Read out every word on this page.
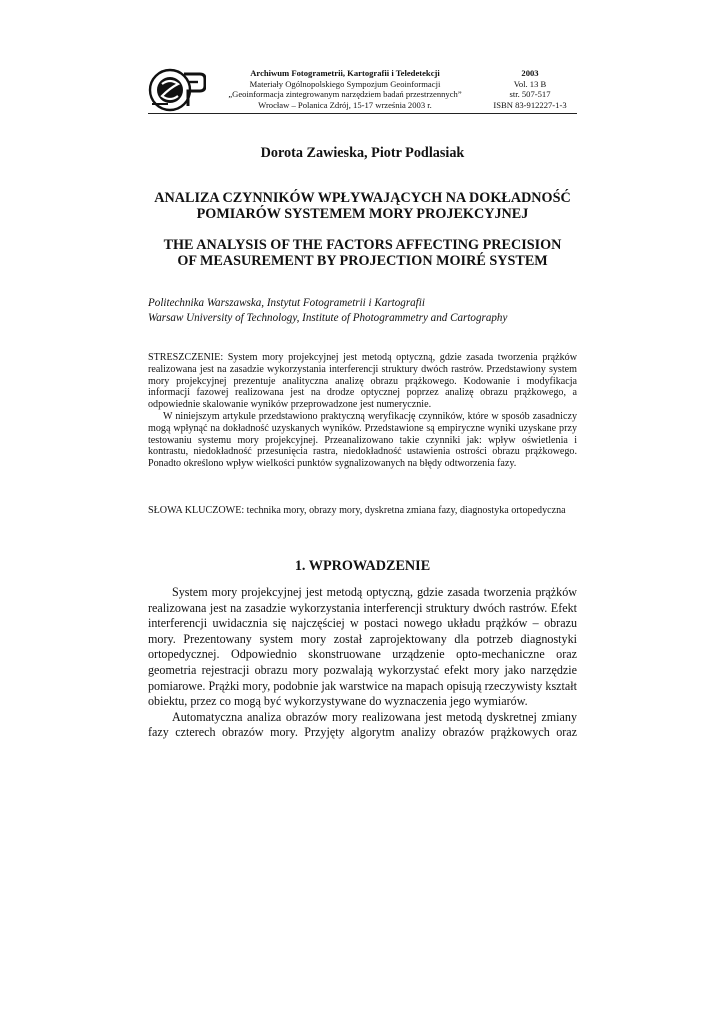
Archiwum Fotogrametrii, Kartografii i Teledetekcji
Materiały Ogólnopolskiego Sympozjum Geoinformacji
„Geoinformacja zintegrowanym narzędziem badań przestrzennych”
Wrocław – Polanica Zdrój, 15-17 września 2003 r.
2003
Vol. 13 B
str. 507-517
ISBN 83-912227-1-3
Dorota Zawieska, Piotr Podlasiak
ANALIZA CZYNNIKÓW WPŁYWAJĄCYCH NA DOKŁADNOŚĆ
POMIARÓW SYSTEMEM MORY PROJEKCYJNEJ
THE ANALYSIS OF THE FACTORS AFFECTING PRECISION
OF MEASUREMENT BY PROJECTION MOIRÉ SYSTEM
Politechnika Warszawska, Instytut Fotogrametrii i Kartografii
Warsaw University of Technology, Institute of Photogrammetry and Cartography

STRESZCZENIE: System mory projekcyjnej jest metodą optyczną, gdzie zasada tworzenia prążków realizowana jest na zasadzie wykorzystania interferencji struktury dwóch rastrów. Przedstawiony system mory projekcyjnej prezentuje analityczna analizę obrazu prążkowego. Kodowanie i modyfikacja informacji fazowej realizowana jest na drodze optycznej poprzez analizę obrazu prążkowego, a odpowiednie skalowanie wyników przeprowadzone jest numerycznie.

W niniejszym artykule przedstawiono praktyczną weryfikację czynników, które w sposób zasadniczy mogą wpłynąć na dokładność uzyskanych wyników. Przedstawione są empiryczne wyniki uzyskane przy testowaniu systemu mory projekcyjnej. Przeanalizowano takie czynniki jak: wpływ oświetlenia i kontrastu, niedokładność przesunięcia rastra, niedokładność ustawienia ostrości obrazu prążkowego. Ponadto określono wpływ wielkości punktów sygnalizowanych na błędy odtworzenia fazy.

SŁOWA KLUCZOWE: technika mory, obrazy mory, dyskretna zmiana fazy, diagnostyka ortopedyczna

1. WPROWADZENIE

System mory projekcyjnej jest metodą optyczną, gdzie zasada tworzenia prążków realizowana jest na zasadzie wykorzystania interferencji struktury dwóch rastrów. Efekt interferencji uwidacznia się najczęściej w postaci nowego układu prążków – obrazu mory. Prezentowany system mory został zaprojektowany dla potrzeb diagnostyki ortopedycznej. Odpowiednio skonstruowane urządzenie opto-mechaniczne oraz geometria rejestracji obrazu mory pozwalają wykorzystać efekt mory jako narzędzie pomiarowe. Prążki mory, podobnie jak warstwice na mapach opisują rzeczywisty kształt obiektu, przez co mogą być wykorzystywane do wyznaczenia jego wymiarów.

Automatyczna analiza obrazów mory realizowana jest metodą dyskretnej zmiany fazy czterech obrazów mory. Przyjęty algorytm analizy obrazów prążkowych oraz
